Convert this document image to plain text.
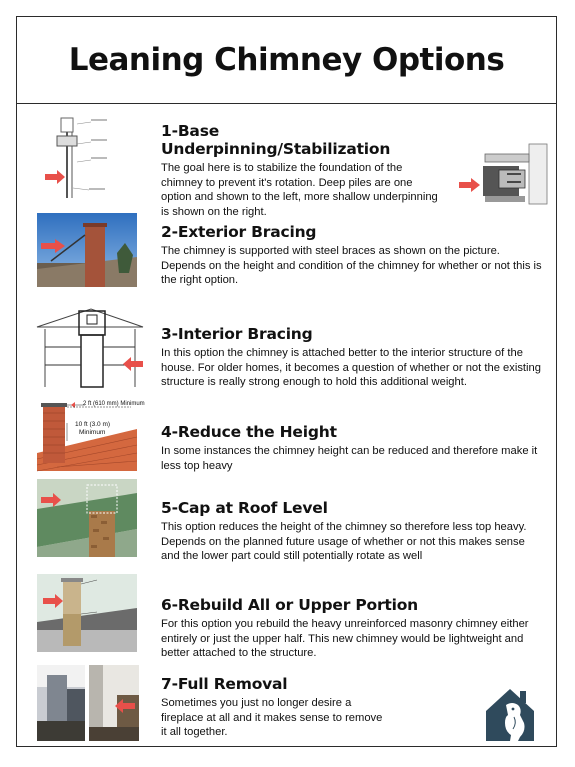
Leaning Chimney Options
1-Base Underpinning/Stabilization

The goal here is to stabilize the foundation of the chimney to prevent it's rotation. Deep piles are one option and shown to the left, more shallow underpinning is shown on the right.

2-Exterior Bracing

The chimney is supported with steel braces as shown on the picture. Depends on the height and condition of the chimney for whether or not this is the right option.

3-Interior Bracing

In this option the chimney is attached better to the interior structure of the house. For older homes, it becomes a question of whether or not the existing structure is really strong enough to hold this additional weight.

2 ft (610 mm) Minimum
10 ft (3.0 m)
Minimum	4-Reduce the Height

In some instances the chimney height can be reduced and therefore make it less top heavy

5-Cap at Roof Level

This option reduces the height of the chimney so therefore less top heavy. Depends on the planned future usage of whether or not this makes sense and the lower part could still potentially rotate as well

6-Rebuild All or Upper Portion

For this option you rebuild the heavy unreinforced masonry chimney either entirely or just the upper half. This new chimney would be lightweight and better attached to the structure.

7-Full Removal

Sometimes you just no longer desire a fireplace at all and it makes sense to remove it all together.
